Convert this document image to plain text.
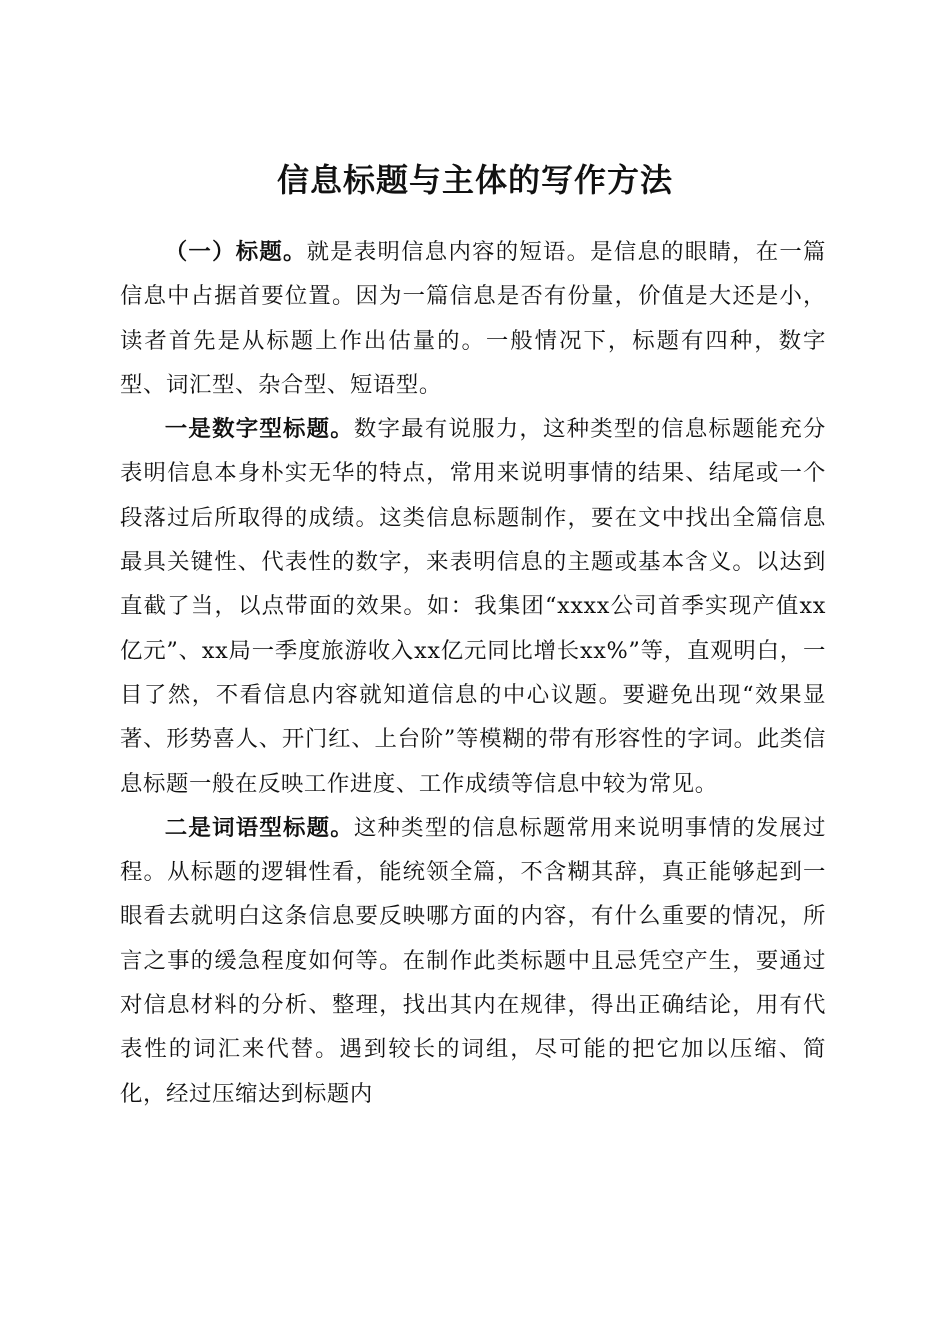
信息标题与主体的写作方法

（一）标题。就是表明信息内容的短语。是信息的眼睛，在一篇信息中占据首要位置。因为一篇信息是否有份量，价值是大还是小，读者首先是从标题上作出估量的。一般情况下，标题有四种，数字型、词汇型、杂合型、短语型。

一是数字型标题。数字最有说服力，这种类型的信息标题能充分表明信息本身朴实无华的特点，常用来说明事情的结果、结尾或一个段落过后所取得的成绩。这类信息标题制作，要在文中找出全篇信息最具关键性、代表性的数字，来表明信息的主题或基本含义。以达到直截了当，以点带面的效果。如：我集团“xxxx公司首季实现产值xx亿元”、xx局一季度旅游收入xx亿元同比增长xx%”等，直观明白，一目了然，不看信息内容就知道信息的中心议题。要避免出现“效果显著、形势喜人、开门红、上台阶”等模糊的带有形容性的字词。此类信息标题一般在反映工作进度、工作成绩等信息中较为常见。

二是词语型标题。这种类型的信息标题常用来说明事情的发展过程。从标题的逻辑性看，能统领全篇，不含糊其辞，真正能够起到一眼看去就明白这条信息要反映哪方面的内容，有什么重要的情况，所言之事的缓急程度如何等。在制作此类标题中且忌凭空产生，要通过对信息材料的分析、整理，找出其内在规律，得出正确结论，用有代表性的词汇来代替。遇到较长的词组，尽可能的把它加以压缩、简化，经过压缩达到标题内
